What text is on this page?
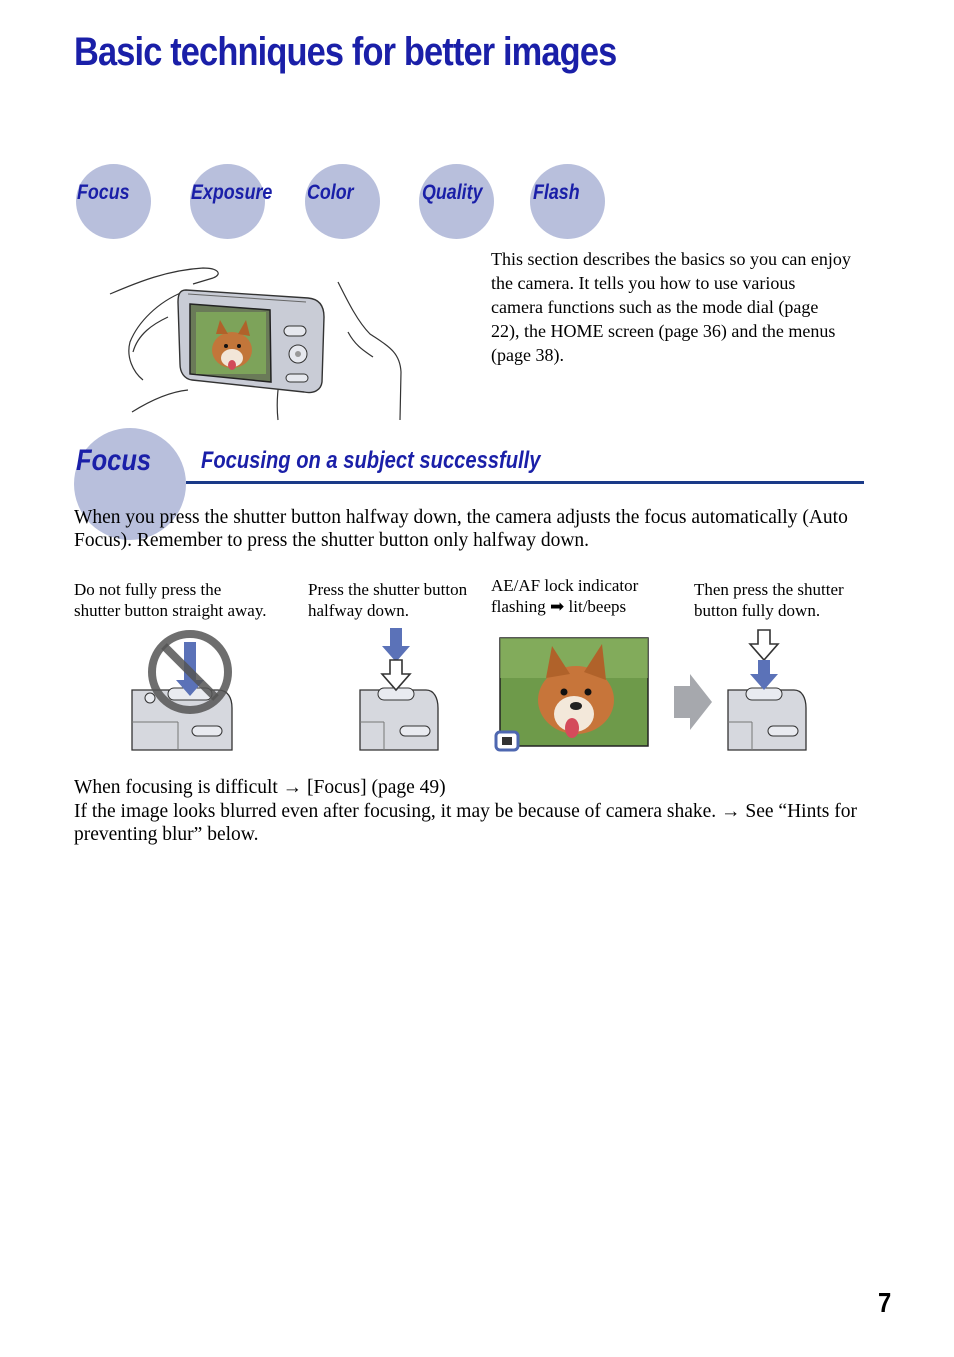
Basic techniques for better images
Focus	Exposure Color	Quality Flash
This section describes the basics so you can enjoy the camera. It tells you how to use various camera functions such as the mode dial (page 22), the HOME screen (page 36) and the menus (page 38).
Focus Focusing on a subject successfully
When you press the shutter button halfway down, the camera adjusts the focus automatically (Auto Focus). Remember to press the shutter button only halfway down.
Do not fully press the
shutter button straight away.
Press the shutter button
halfway down.
AE/AF lock indicator
flashing ➡ lit/beeps
Then press the shutter
button fully down.
When focusing is difficult → [Focus] (page 49)
If the image looks blurred even after focusing, it may be because of camera shake. → See “Hints for preventing blur” below.
7
